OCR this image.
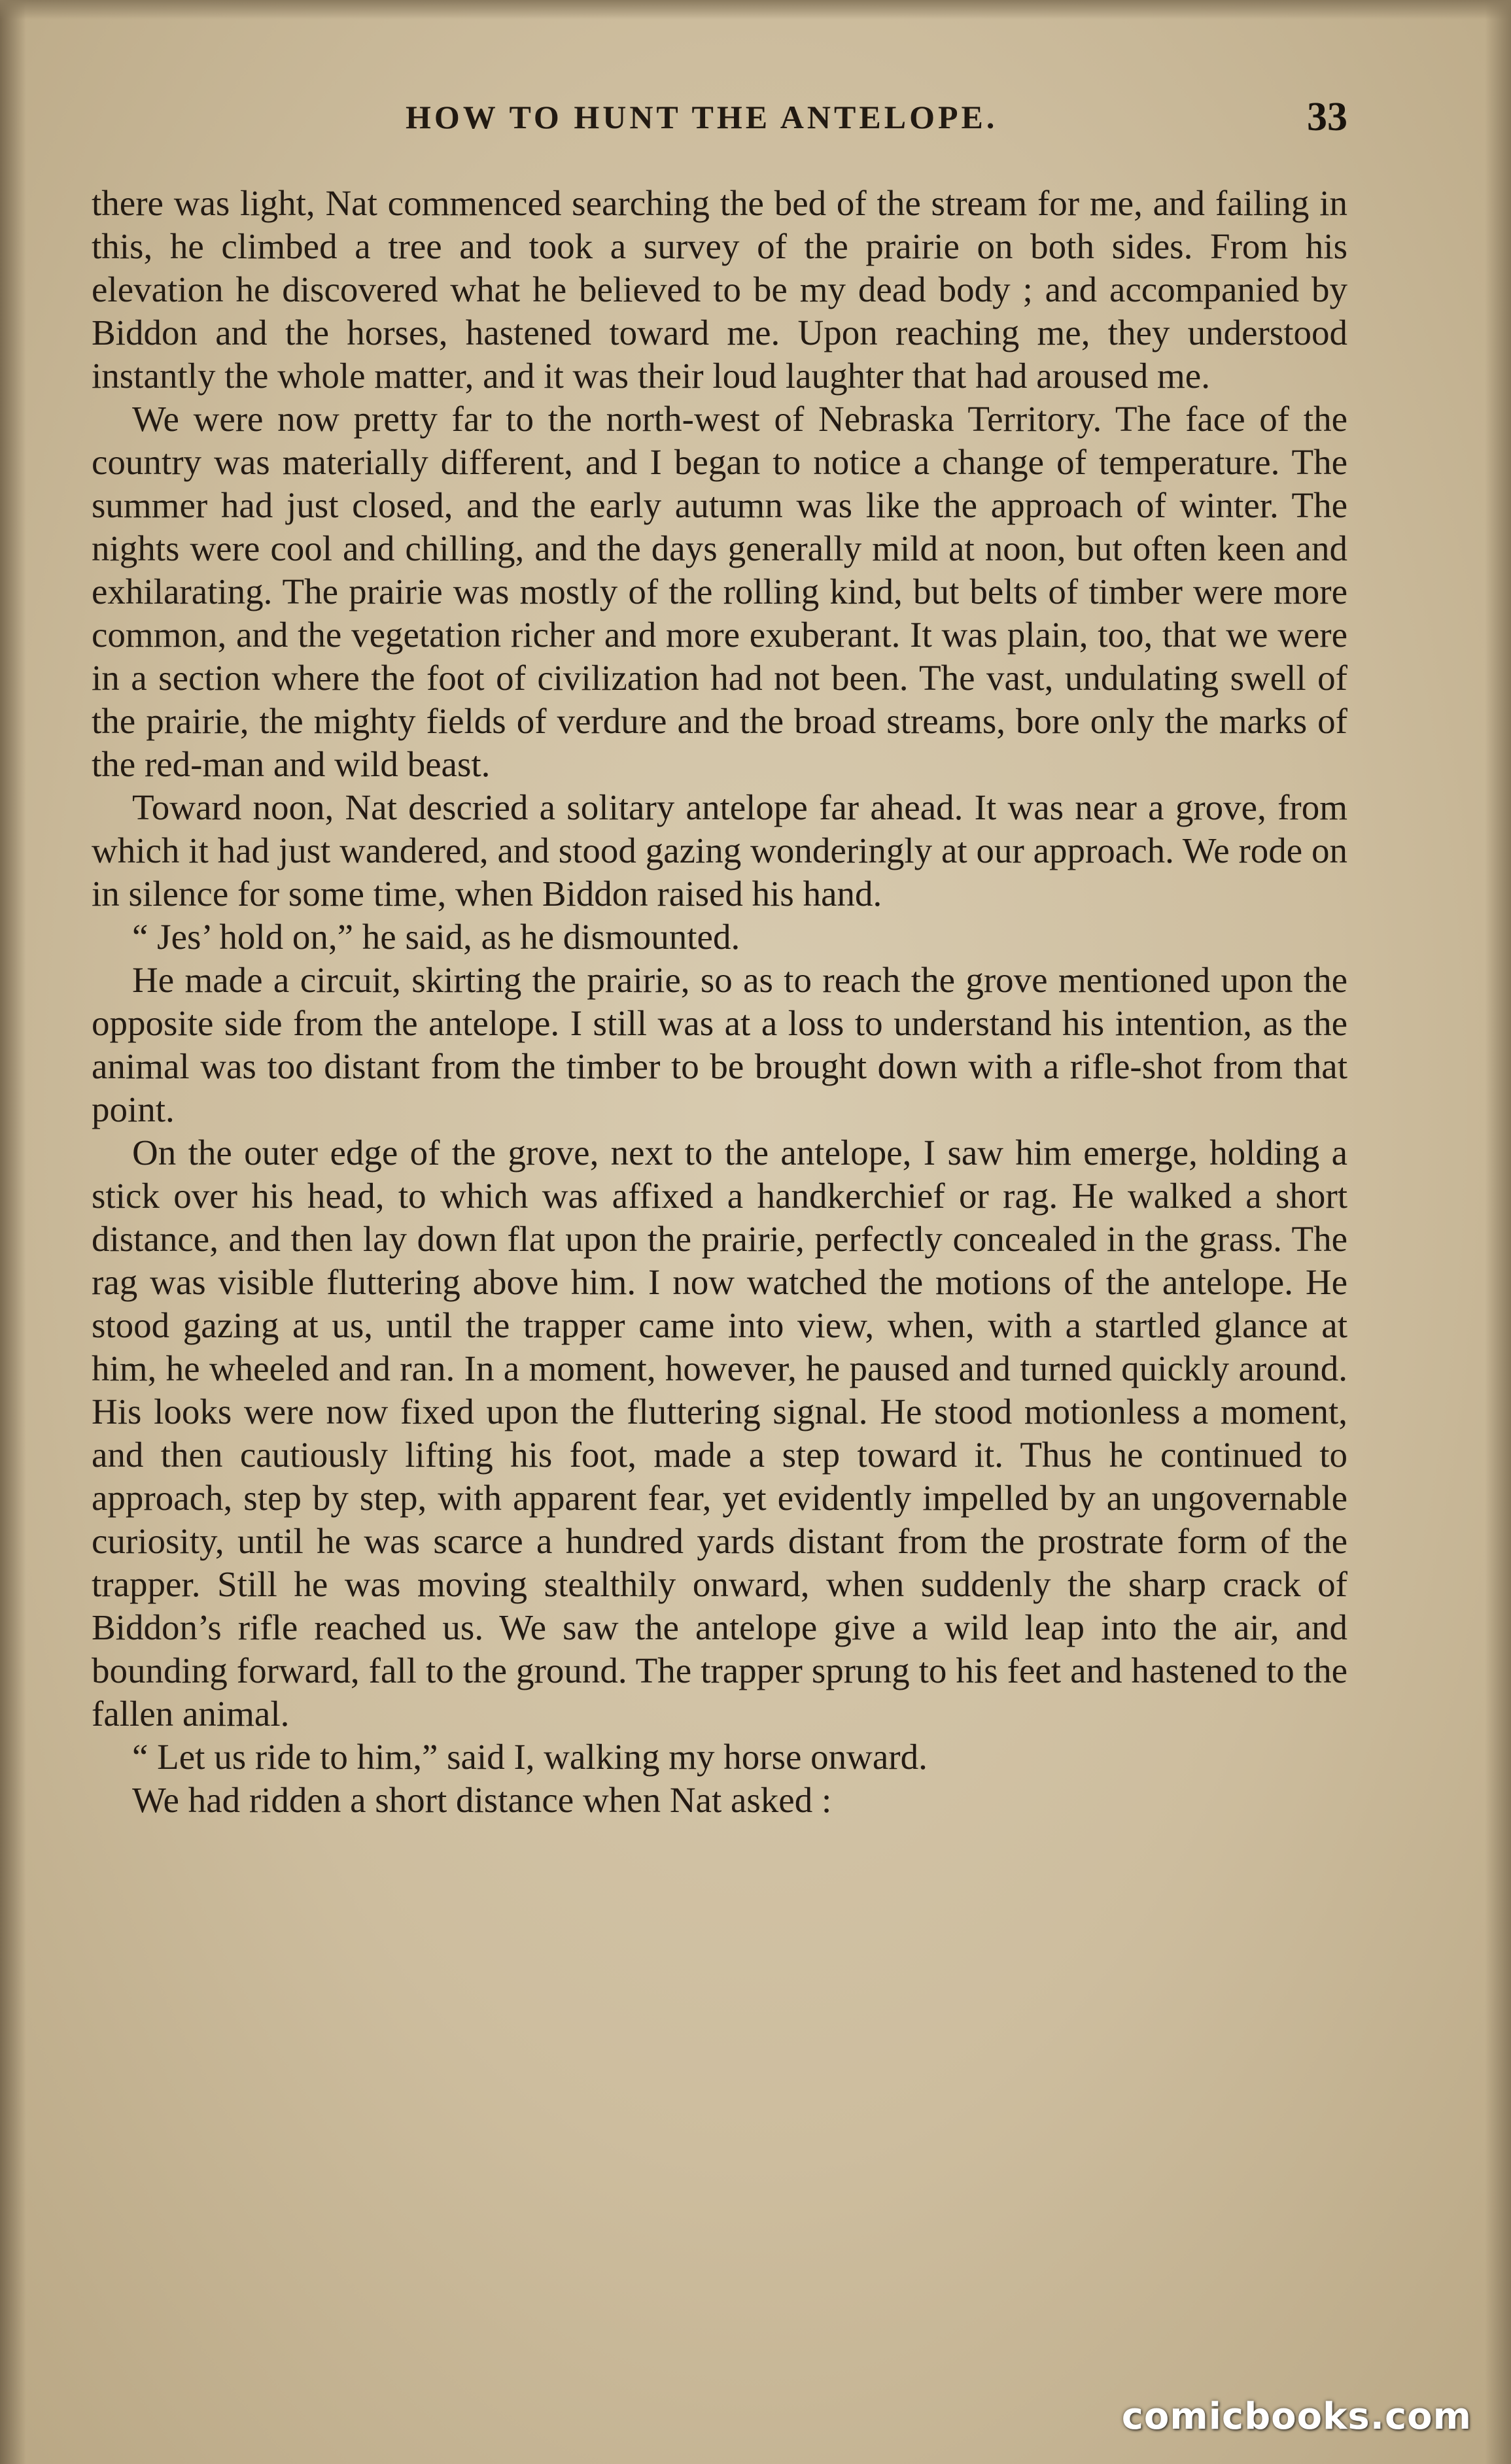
HOW TO HUNT THE ANTELOPE.	33

there was light, Nat commenced searching the bed of the stream for me, and failing in this, he climbed a tree and took a survey of the prairie on both sides. From his elevation he discovered what he believed to be my dead body ; and accompanied by Biddon and the horses, hastened toward me. Upon reaching me, they understood instantly the whole matter, and it was their loud laughter that had aroused me.

We were now pretty far to the north-west of Nebraska Territory. The face of the country was materially different, and I began to notice a change of temperature. The summer had just closed, and the early autumn was like the approach of winter. The nights were cool and chilling, and the days generally mild at noon, but often keen and exhilarating. The prairie was mostly of the rolling kind, but belts of timber were more common, and the vegetation richer and more exuberant. It was plain, too, that we were in a section where the foot of civilization had not been. The vast, undulating swell of the prairie, the mighty fields of verdure and the broad streams, bore only the marks of the red-man and wild beast.

Toward noon, Nat descried a solitary antelope far ahead. It was near a grove, from which it had just wandered, and stood gazing wonderingly at our approach. We rode on in silence for some time, when Biddon raised his hand.

“ Jes’ hold on,” he said, as he dismounted.

He made a circuit, skirting the prairie, so as to reach the grove mentioned upon the opposite side from the antelope. I still was at a loss to understand his intention, as the animal was too distant from the timber to be brought down with a rifle-shot from that point.

On the outer edge of the grove, next to the antelope, I saw him emerge, holding a stick over his head, to which was affixed a handkerchief or rag. He walked a short distance, and then lay down flat upon the prairie, perfectly concealed in the grass. The rag was visible fluttering above him. I now watched the motions of the antelope. He stood gazing at us, until the trapper came into view, when, with a startled glance at him, he wheeled and ran. In a moment, however, he paused and turned quickly around. His looks were now fixed upon the fluttering signal. He stood motionless a moment, and then cautiously lifting his foot, made a step toward it. Thus he continued to approach, step by step, with apparent fear, yet evidently impelled by an ungovernable curiosity, until he was scarce a hundred yards distant from the prostrate form of the trapper. Still he was moving stealthily onward, when suddenly the sharp crack of Biddon’s rifle reached us. We saw the antelope give a wild leap into the air, and bounding forward, fall to the ground. The trapper sprung to his feet and hastened to the fallen animal.

“ Let us ride to him,” said I, walking my horse onward.

We had ridden a short distance when Nat asked :

comicbooks.com
